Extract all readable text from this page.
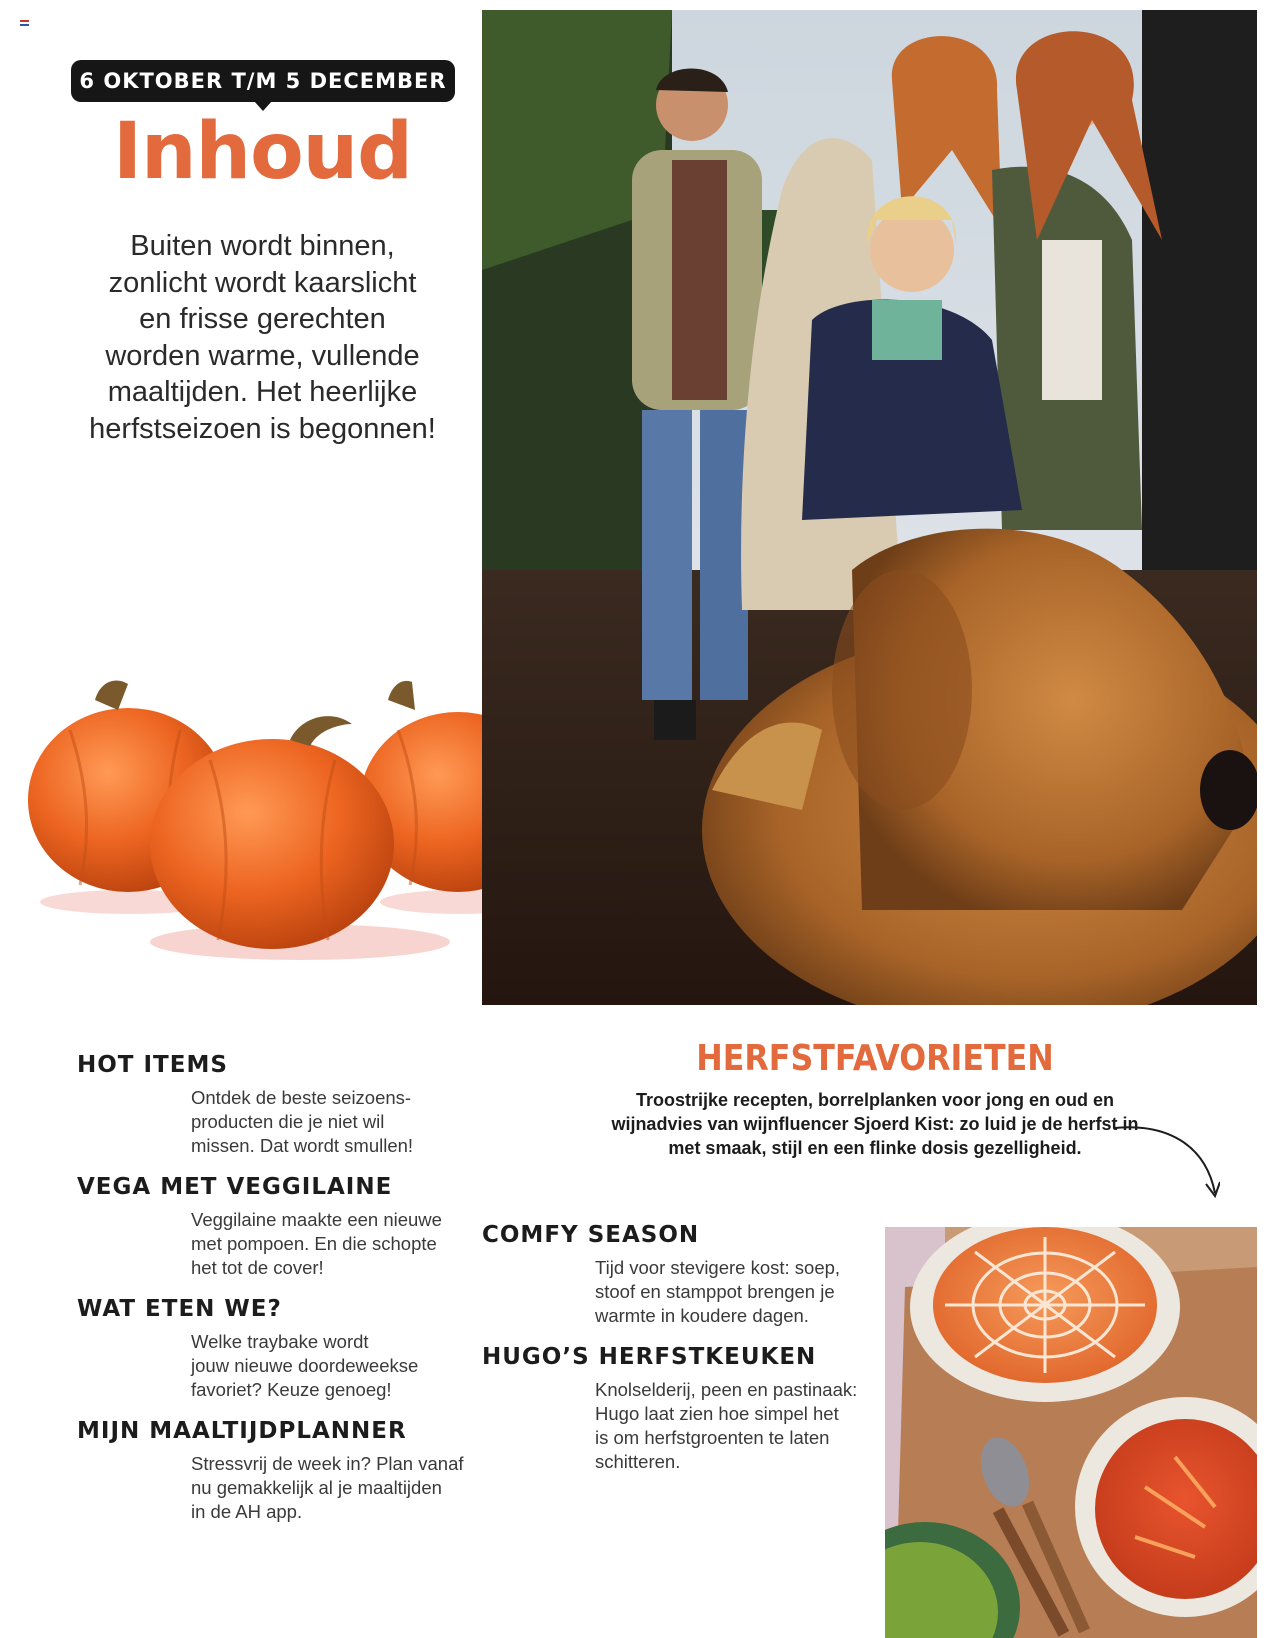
6 OKTOBER T/M 5 DECEMBER
Inhoud

Buiten wordt binnen,
zonlicht wordt kaarslicht
en frisse gerechten
worden warme, vullende
maaltijden. Het heerlijke
herfstseizoen is begonnen!

HOT ITEMS

Ontdek de beste seizoens-
producten die je niet wil
missen. Dat wordt smullen!

VEGA MET VEGGILAINE

Veggilaine maakte een nieuwe
met pompoen. En die schopte
het tot de cover!

WAT ETEN WE?

Welke traybake wordt
jouw nieuwe doordeweekse
favoriet? Keuze genoeg!

MIJN MAALTIJDPLANNER

Stressvrij de week in? Plan vanaf
nu gemakkelijk al je maaltijden
in de AH app.

COMFY SEASON

Tijd voor stevigere kost: soep,
stoof en stamppot brengen je
warmte in koudere dagen.

HUGO’S HERFSTKEUKEN

Knolselderij, peen en pastinaak:
Hugo laat zien hoe simpel het
is om herfstgroenten te laten
schitteren.

HERFSTFAVORIETEN

Troostrijke recepten, borrelplanken voor jong en oud en
wijnadvies van wijnfluencer Sjoerd Kist: zo luid je de herfst in
met smaak, stijl en een flinke dosis gezelligheid.
